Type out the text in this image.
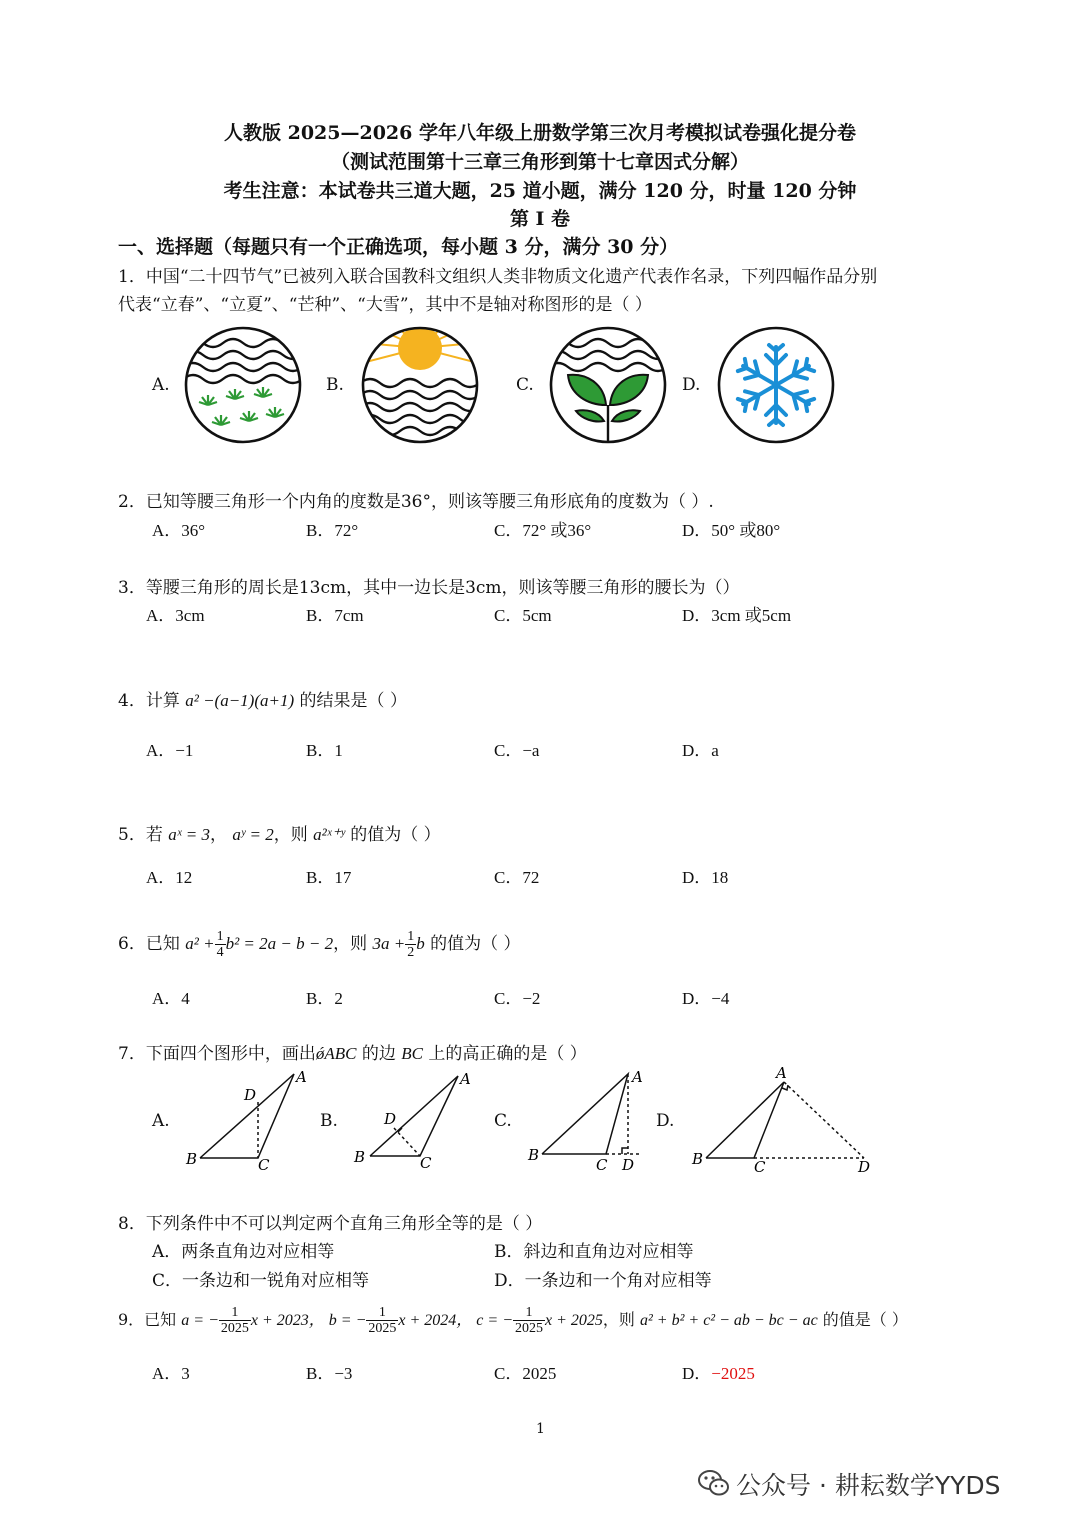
人教版 2025—2026 学年八年级上册数学第三次月考模拟试卷强化提分卷
（测试范围第十三章三角形到第十七章因式分解）
考生注意：本试卷共三道大题，25 道小题，满分 120 分，时量 120 分钟
第 I 卷
一、选择题（每题只有一个正确选项，每小题 3 分，满分 30 分）
1．中国“二十四节气”已被列入联合国教科文组织人类非物质文化遗产代表作名录，下列四幅作品分别
代表“立春”、“立夏”、“芒种”、“大雪”，其中不是轴对称图形的是（ ）
A.	B.	C.	D.
2．已知等腰三角形一个内角的度数是36°，则该等腰三角形底角的度数为（ ）.
A．36°	B．72°	C．72° 或36°	D．50° 或80°
3．等腰三角形的周长是13cm，其中一边长是3cm，则该等腰三角形的腰长为（）
A．3cm	B．7cm	C．5cm	D．3cm 或5cm
4．计算 a² −(a−1)(a+1) 的结果是（ ）
A．−1	B．1	C．−a	D．a
5．若 aˣ = 3， aʸ = 2，则 a²ˣ⁺ʸ 的值为（ ）
A．12	B．17	C．72	D．18
6．已知 $a^2 + \frac{1}{4} b^2 = 2a - b - 2$，则 $3a + \frac{1}{2}$ b 的值为（ ）
A．4	B．2	C．−2	D．−4
7．下面四个图形中，画出ǿABC 的边 BC 上的高正确的是（ ）
A.	B.	C.	D.
D
A
B	C
D
A
B	C
A
B
C D
A
B	C	D
8．下列条件中不可以判定两个直角三角形全等的是（ ）
A．两条直角边对应相等	B．斜边和直角边对应相等
C．一条边和一锐角对应相等	D．一条边和一个角对应相等
9．已知 a = − $\frac{1}{2025}$ x + 2023， b = − $\frac{1}{2025}$ x + 2024， c = − $\frac{1}{2025}$ x + 2025，则 a² + b² + c² − ab − bc − ac 的值是（ ）
A．3	B．−3	C．2025	D．−2025
1
公众号 · 耕耘数学YYDS
